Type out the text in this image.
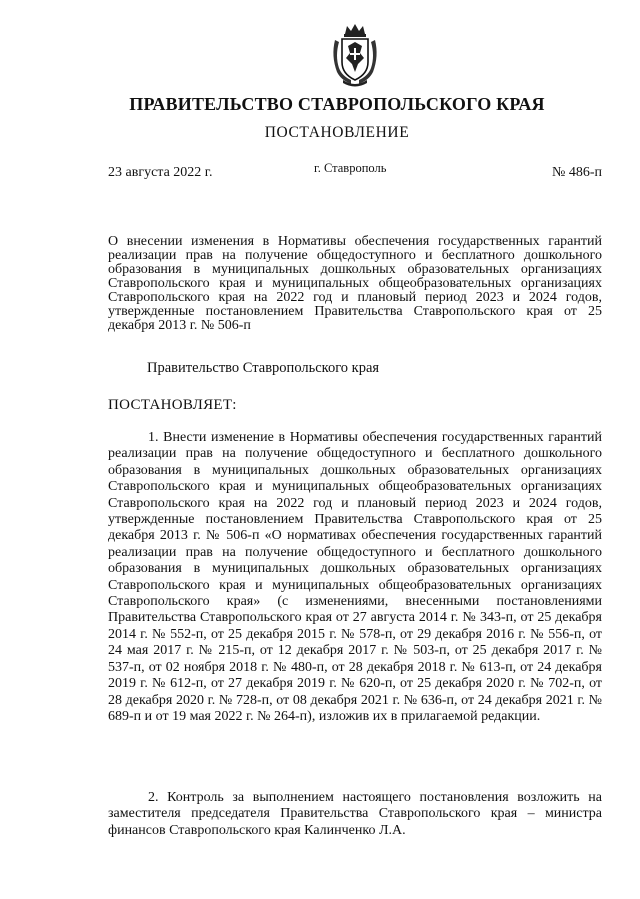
ПРАВИТЕЛЬСТВО СТАВРОПОЛЬСКОГО КРАЯ
ПОСТАНОВЛЕНИЕ
23 августа 2022 г.	г. Ставрополь	№ 486-п
О внесении изменения в Нормативы обеспечения государственных гарантий реализации прав на получение общедоступного и бесплатного дошкольного образования в муниципальных дошкольных образовательных организациях Ставропольского края и муниципальных общеобразовательных организациях Ставропольского края на 2022 год и плановый период 2023 и 2024 годов, утвержденные постановлением Правительства Ставропольского края от 25 декабря 2013 г. № 506-п
Правительство Ставропольского края
ПОСТАНОВЛЯЕТ:
1. Внести изменение в Нормативы обеспечения государственных гарантий реализации прав на получение общедоступного и бесплатного дошкольного образования в муниципальных дошкольных образовательных организациях Ставропольского края и муниципальных общеобразовательных организациях Ставропольского края на 2022 год и плановый период 2023 и 2024 годов, утвержденные постановлением Правительства Ставропольского края от 25 декабря 2013 г. № 506-п «О нормативах обеспечения государственных гарантий реализации прав на получение общедоступного и бесплатного дошкольного образования в муниципальных дошкольных образовательных организациях Ставропольского края и муниципальных общеобразовательных организациях Ставропольского края» (с изменениями, внесенными постановлениями Правительства Ставропольского края от 27 августа 2014 г. № 343-п, от 25 декабря 2014 г. № 552-п, от 25 декабря 2015 г. № 578-п, от 29 декабря 2016 г. № 556-п, от 24 мая 2017 г. № 215-п, от 12 декабря 2017 г. № 503-п, от 25 декабря 2017 г. № 537-п, от 02 ноября 2018 г. № 480-п, от 28 декабря 2018 г. № 613-п, от 24 декабря 2019 г. № 612-п, от 27 декабря 2019 г. № 620-п, от 25 декабря 2020 г. № 702-п, от 28 декабря 2020 г. № 728-п, от 08 декабря 2021 г. № 636-п, от 24 декабря 2021 г. № 689-п и от 19 мая 2022 г. № 264-п), изложив их в прилагаемой редакции.
2. Контроль за выполнением настоящего постановления возложить на заместителя председателя Правительства Ставропольского края – министра финансов Ставропольского края Калинченко Л.А.
